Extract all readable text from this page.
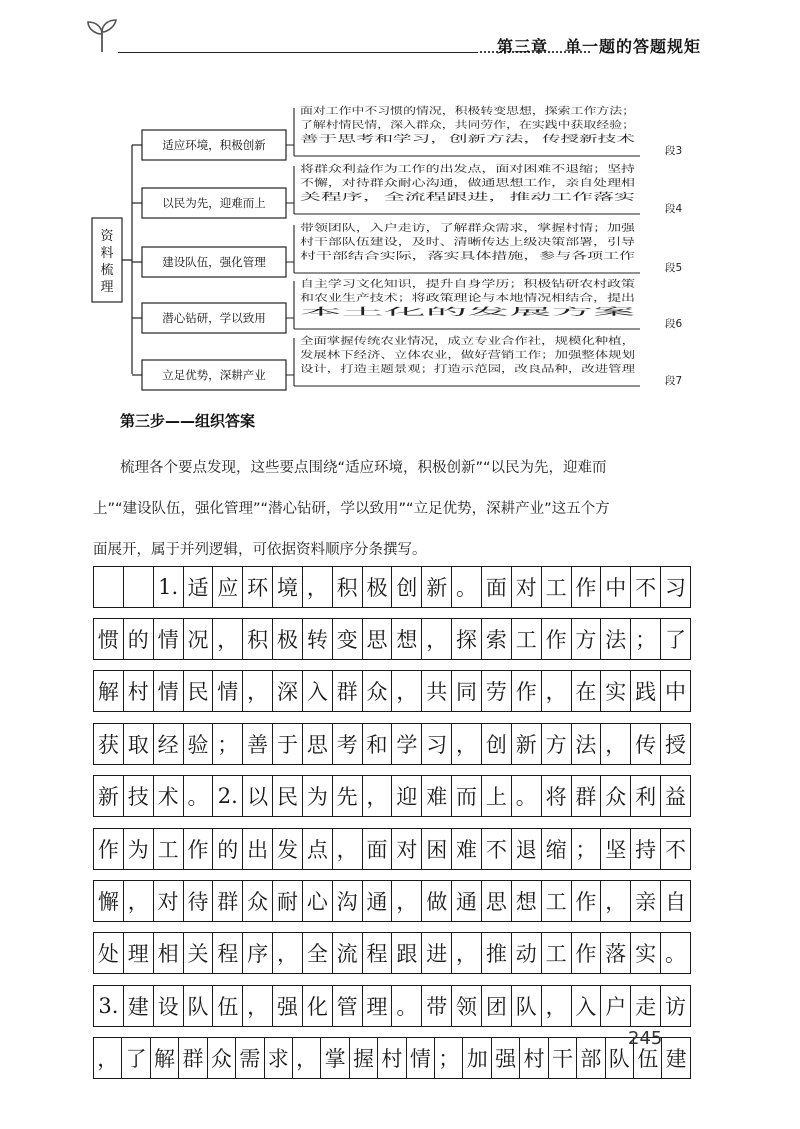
第三章　单一题的答题规矩
资
料
梳
理
适应环境，积极创新
面对工作中不习惯的情况，积极转变思想，探索工作方法；
了解村情民情，深入群众，共同劳作，在实践中获取经验；
善于思考和学习，创新方法，传授新技术
段3
以民为先，迎难而上
将群众利益作为工作的出发点，面对困难不退缩；坚持
不懈，对待群众耐心沟通，做通思想工作，亲自处理相
关程序，全流程跟进，推动工作落实
段4
建设队伍，强化管理
带领团队，入户走访，了解群众需求，掌握村情；加强
村干部队伍建设，及时、清晰传达上级决策部署，引导
村干部结合实际，落实具体措施，参与各项工作
段5
潜心钻研，学以致用
自主学习文化知识，提升自身学历；积极钻研农村政策
和农业生产技术；将政策理论与本地情况相结合，提出
本土化的发展方案
段6
立足优势，深耕产业
全面掌握传统农业情况，成立专业合作社，规模化种植，
发展林下经济、立体农业，做好营销工作；加强整体规划
设计，打造主题景观；打造示范园，改良品种，改进管理
段7
第三步——组织答案
梳理各个要点发现，这些要点围绕“适应环境，积极创新”“以民为先，迎难而
上”“建设队伍，强化管理”“潜心钻研，学以致用”“立足优势，深耕产业”这五个方
面展开，属于并列逻辑，可依据资料顺序分条撰写。
1. 适 应 环 境 ， 积 极 创 新 。 面 对 工 作 中 不 习
惯 的 情 况 ， 积 极 转 变 思 想 ， 探 索 工 作 方 法 ； 了
解 村 情 民 情 ， 深 入 群 众 ， 共 同 劳 作 ， 在 实 践 中
获 取 经 验 ； 善 于 思 考 和 学 习 ， 创 新 方 法 ， 传 授
新 技 术 。 2. 以 民 为 先 ， 迎 难 而 上 。 将 群 众 利 益
作 为 工 作 的 出 发 点 ， 面 对 困 难 不 退 缩 ； 坚 持 不
懈 ， 对 待 群 众 耐 心 沟 通 ， 做 通 思 想 工 作 ， 亲 自
处 理 相 关 程 序 ， 全 流 程 跟 进 ， 推 动 工 作 落 实 。
3. 建 设 队 伍 ， 强 化 管 理 。 带 领 团 队 ， 入 户 走 访
， 了 解 群 众 需 求 ， 掌 握 村 情 ； 加 强 村 干 部 队 伍 建
245
